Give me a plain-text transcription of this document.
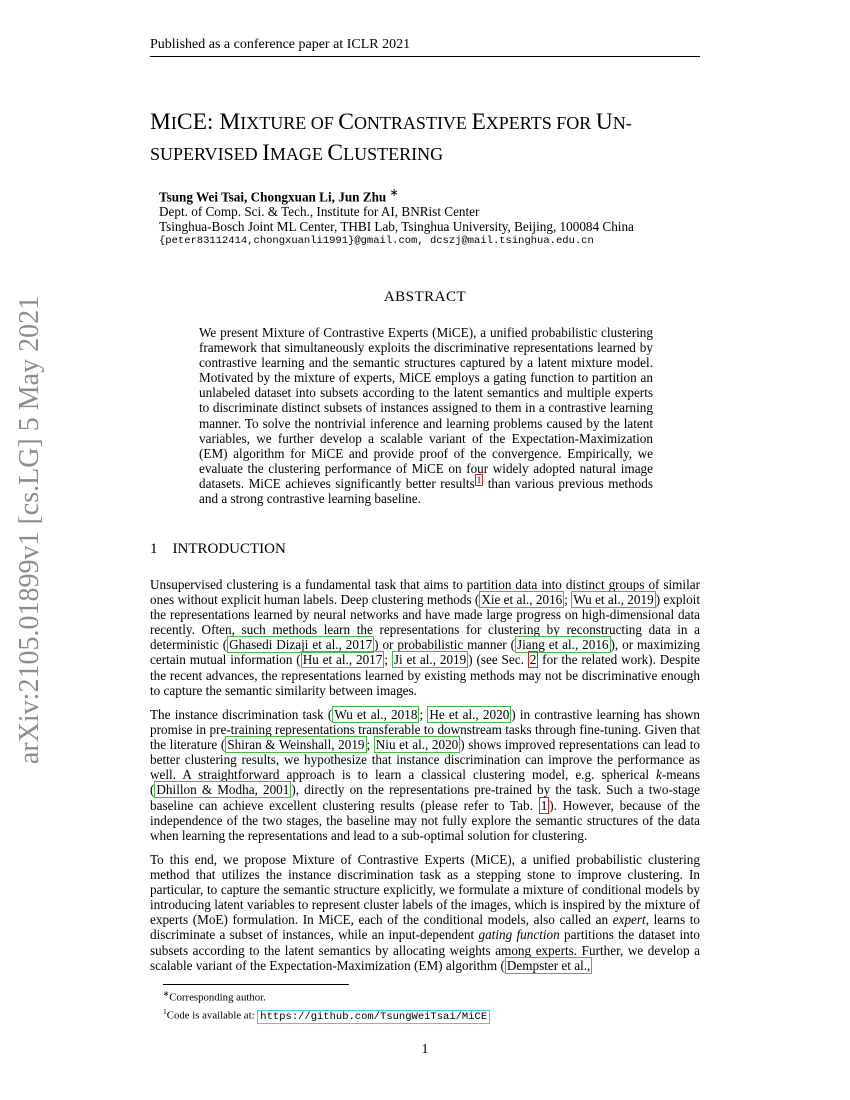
Published as a conference paper at ICLR 2021
MICE: MIXTURE OF CONTRASTIVE EXPERTS FOR UN-
SUPERVISED IMAGE CLUSTERING
Tsung Wei Tsai, Chongxuan Li, Jun Zhu ∗
Dept. of Comp. Sci. & Tech., Institute for AI, BNRist Center
Tsinghua-Bosch Joint ML Center, THBI Lab, Tsinghua University, Beijing, 100084 China
{peter83112414,chongxuanli1991}@gmail.com, dcszj@mail.tsinghua.edu.cn
arXiv:2105.01899v1 [cs.LG] 5 May 2021	ABSTRACT
We present Mixture of Contrastive Experts (MiCE), a unified probabilistic clustering framework that simultaneously exploits the discriminative representations learned by contrastive learning and the semantic structures captured by a latent mixture model. Motivated by the mixture of experts, MiCE employs a gating function to partition an unlabeled dataset into subsets according to the latent semantics and multiple experts to discriminate distinct subsets of instances assigned to them in a contrastive learning manner. To solve the nontrivial inference and learning problems caused by the latent variables, we further develop a scalable variant of the Expectation-Maximization (EM) algorithm for MiCE and provide proof of the convergence. Empirically, we evaluate the clustering performance of MiCE on four widely adopted natural image datasets. MiCE achieves significantly better results $^1$ than various previous methods and a strong contrastive learning baseline.
1 INTRODUCTION
Unsupervised clustering is a fundamental task that aims to partition data into distinct groups of similar ones without explicit human labels. Deep clustering methods ( Xie et al., 2016 ; Wu et al., 2019 ) exploit the representations learned by neural networks and have made large progress on high-dimensional data recently. Often, such methods learn the representations for clustering by reconstructing data in a deterministic ( Ghasedi Dizaji et al., 2017 ) or probabilistic manner ( Jiang et al., 2016 ), or maximizing certain mutual information ( Hu et al., 2017 ; Ji et al., 2019 ) (see Sec. 2 for the related work). Despite the recent advances, the representations learned by existing methods may not be discriminative enough to capture the semantic similarity between images.
The instance discrimination task ( Wu et al., 2018 ; He et al., 2020 ) in contrastive learning has shown promise in pre-training representations transferable to downstream tasks through fine-tuning. Given that the literature ( Shiran & Weinshall, 2019 ; Niu et al., 2020 ) shows improved representations can lead to better clustering results, we hypothesize that instance discrimination can improve the performance as well. A straightforward approach is to learn a classical clustering model, e.g. spherical k-means ( Dhillon & Modha, 2001 ), directly on the representations pre-trained by the task. Such a two-stage baseline can achieve excellent clustering results (please refer to Tab. 1 ). However, because of the independence of the two stages, the baseline may not fully explore the semantic structures of the data when learning the representations and lead to a sub-optimal solution for clustering.
To this end, we propose Mixture of Contrastive Experts (MiCE), a unified probabilistic clustering method that utilizes the instance discrimination task as a stepping stone to improve clustering. In particular, to capture the semantic structure explicitly, we formulate a mixture of conditional models by introducing latent variables to represent cluster labels of the images, which is inspired by the mixture of experts (MoE) formulation. In MiCE, each of the conditional models, also called an expert, learns to discriminate a subset of instances, while an input-dependent gating function partitions the dataset into subsets according to the latent semantics by allocating weights among experts. Further, we develop a scalable variant of the Expectation-Maximization (EM) algorithm ( Dempster et al.,
∗Corresponding author.
$^1$Code is available at: https://github.com/TsungWeiTsai/MiCE
1
